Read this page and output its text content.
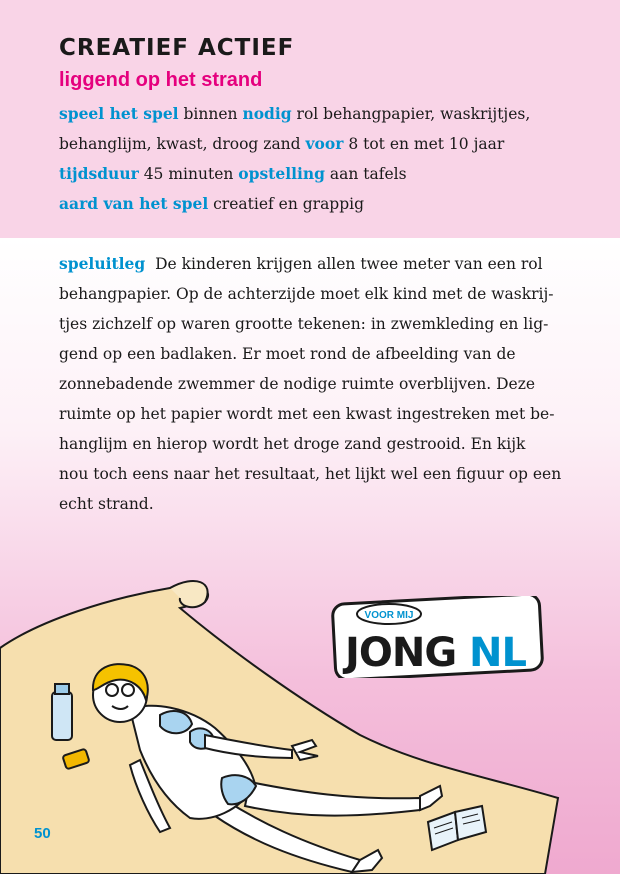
CREATIEF ACTIEF
liggend op het strand
speel het spel binnen nodig rol behangpapier, waskrijtjes,
behanglijm, kwast, droog zand voor 8 tot en met 10 jaar
tijdsduur 45 minuten opstelling aan tafels
aard van het spel creatief en grappig
speluitleg De kinderen krijgen allen twee meter van een rol
behangpapier. Op de achterzijde moet elk kind met de waskrij-
tjes zichzelf op waren grootte tekenen: in zwemkleding en lig-
gend op een badlaken. Er moet rond de afbeelding van de
zonnebadende zwemmer de nodige ruimte overblijven. Deze
ruimte op het papier wordt met een kwast ingestreken met be-
hanglijm en hierop wordt het droge zand gestrooid. En kijk
nou toch eens naar het resultaat, het lijkt wel een figuur op een
echt strand.
VOOR MIJ
JONG NL
50
